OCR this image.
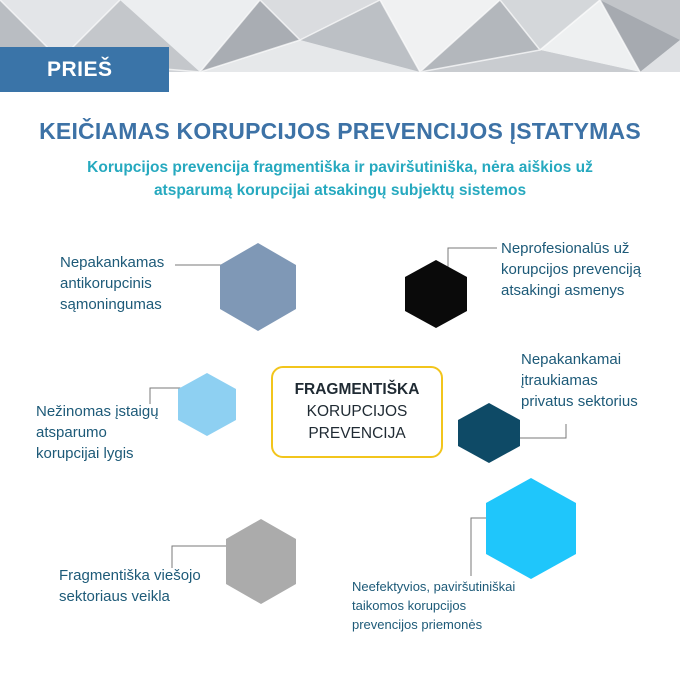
PRIEŠ
KEIČIAMAS KORUPCIJOS PREVENCIJOS ĮSTATYMAS
Korupcijos prevencija fragmentiška ir paviršutiniška, nėra aiškios už
atsparumą korupcijai atsakingų subjektų sistemos
FRAGMENTIŠKA
KORUPCIJOS
PREVENCIJA
Nepakankamas
antikorupcinis
sąmoningumas
Neprofesionalūs už
korupcijos prevenciją
atsakingi asmenys
Nežinomas įstaigų
atsparumo
korupcijai lygis
Nepakankamai
įtraukiamas
privatus sektorius
Fragmentiška viešojo
sektoriaus veikla
Neefektyvios, paviršutiniškai
taikomos korupcijos
prevencijos priemonės
